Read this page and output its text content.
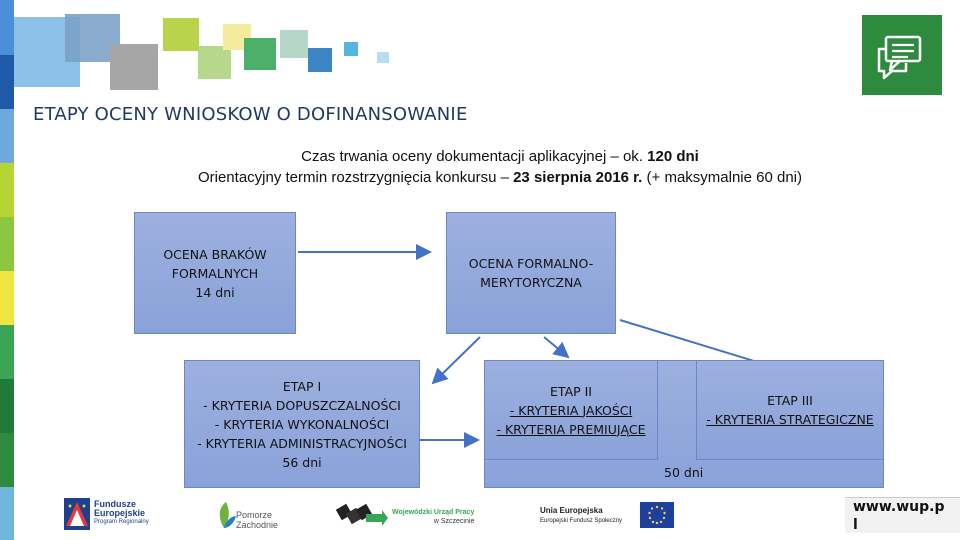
ETAPY OCENY WNIOSKOW O DOFINANSOWANIE
Czas trwania oceny dokumentacji aplikacyjnej – ok. 120 dni
Orientacyjny termin rozstrzygnięcia konkursu – 23 sierpnia 2016 r. (+ maksymalnie 60 dni)
OCENA BRAKÓW
FORMALNYCH
14 dni
OCENA FORMALNO-
MERYTORYCZNA
ETAP I
- KRYTERIA DOPUSZCZALNOŚCI
- KRYTERIA WYKONALNOŚCI
- KRYTERIA ADMINISTRACYJNOŚCI
56 dni
ETAP II
- KRYTERIA JAKOŚCI
- KRYTERIA PREMIUJĄCE
ETAP III
- KRYTERIA STRATEGICZNE
50 dni
Fundusze
Europejskie
Program Regionalny
Pomorze
Zachodnie
Wojewódzki Urząd Pracy
w Szczecinie
Unia Europejska
Europejski Fundusz Społeczny
www.wup.p
l
